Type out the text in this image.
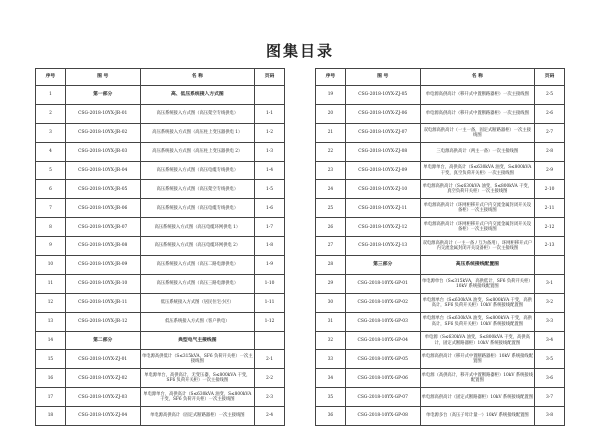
图集目录
序号	图 号	名 称	页码
1	第一部分	高、低压系统接入方式图	
2	CSG-2018-10YX-JR-01	高压系统接入方式图（高压架空专线供电）	1-1
3	CSG-2018-10YX-JR-02	高压系统接入方式图（高压柱上变压器供电 1）	1-2
4	CSG-2018-10YX-JR-03	高压系统接入方式图（高压柱上变压器供电 2）	1-3
5	CSG-2018-10YX-JR-04	高压系统接入方式图（高压电缆专线供电）	1-4
6	CSG-2018-10YX-JR-05	高压系统接入方式图（高压架空专线供电）	1-5
7	CSG-2018-10YX-JR-06	高压系统接入方式图（高压电缆专线供电）	1-6
8	CSG-2018-10YX-JR-07	高压系统接入方式图（高压电缆环网供电 1）	1-7
9	CSG-2018-10YX-JR-08	高压系统接入方式图（高压电缆环网供电 2）	1-8
10	CSG-2018-10YX-JR-09	高压系统接入方式图（高压二路电源供电）	1-9
11	CSG-2018-10YX-JR-10	高压系统接入方式图（高压三路电源供电）	1-10
12	CSG-2018-10YX-JR-11	低压系统接入方式图（居民住宅小区）	1-11
13	CSG-2018-10YX-JR-12	低压系统接入方式图（客户供电）	1-12
14	第二部分	典型电气主接线图	
15	CSG-2018-10YX-ZJ-01	单电源高供低计（S≤315kVA，SF6 负荷开关柜）一次主接线图	2-1
16	CSG-2018-10YX-ZJ-02	单电源单台，高供高计，无变压器，S≤800kVA 干变，SF6 负荷开关柜）一次主接线图	2-2
17	CSG-2018-10YX-ZJ-03	单电源单台，高供高计（S≤630kVA 油变，S≤800kVA 干变，SF6 负荷开关柜）一次主接线图	2-3
18	CSG-2018-10YX-ZJ-04	单电源高供高计（固定式断路器柜）一次主接线图	2-4
序号	图 号	名 称	页码
19	CSG-2018-10YX-ZJ-05	单电源高供高计（移开式中置断路器柜）一次主接线图	2-5
20	CSG-2018-10YX-ZJ-06	单电源高供高计（移开式中置断路器柜）一次主接线图	2-6
21	CSG-2018-10YX-ZJ-07	双电源高供高计（一主一备，固定式断路器柜）一次主接线图	2-7
22	CSG-2018-10YX-ZJ-08	三电源高供高计（两主一备）一次主接线图	2-8
23	CSG-2018-10YX-ZJ-09	单电源单台，高供高计（S≤630kVA 油变，S≤800kVA 干变，真空负荷开关柜）一次主接线图	2-9
24	CSG-2018-10YX-ZJ-10	单电源高供高计（S≤630kVA 油变，S≤800kVA 干变，真空负荷开关柜）一次主接线图	2-10
25	CSG-2018-10YX-ZJ-11	单电源高供高计（环网柜移开式户内交流金属封闭开关设备柜）一次主接线图	2-11
26	CSG-2018-10YX-ZJ-12	单电源高供高计（环网柜移开式户内交流金属封闭开关设备柜）一次主接线图	2-12
27	CSG-2018-10YX-ZJ-13	双电源高供高计（一主一备 / 互为备用），环网柜移开式户内交流金属封闭开关设备柜）一次主接线图	2-13
28	第三部分	高压系统接线配置图	
29	CSG-2018-10YX-GP-01	单电源单台（S≤315kVA，高供低计，SF6 负荷开关柜）10kV 系统接线配置图	3-1
30	CSG-2018-10YX-GP-02	单电源单台（S≤630kVA 油变，S≤800kVA 干变，高供高计，SF6 负荷开关柜）10kV 系统接线配置图	3-2
31	CSG-2018-10YX-GP-03	单电源单台（S≤630kVA 油变，S≤800kVA 干变，高供高计，SF6 负荷开关柜）10kV 系统接线配置图	3-3
32	CSG-2018-10YX-GP-04	单电源（S≤630kVA 油变，S≤800kVA 干变，高供高计，固定式断路器柜）10kV 系统接线配置图	3-4
33	CSG-2018-10YX-GP-05	单电源高供高计（移开式中置断路器柜）10kV 系统接线配置图	3-5
34	CSG-2018-10YX-GP-06	单电源（高供高计，移开式中置断路器柜）10kV 系统接线配置图	3-6
35	CSG-2018-10YX-GP-07	单电源高供高计（固定式断路器柜）10kV 系统接线配置图	3-7
36	CSG-2018-10YX-GP-08	单电源多台（高压子母计量一）10kV 系统接线配置图	3-8
